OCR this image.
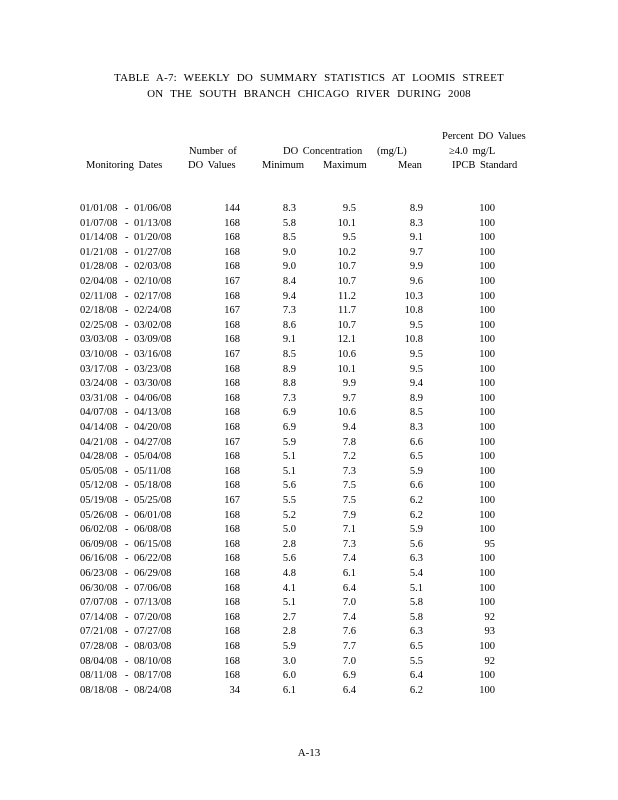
TABLE A-7: WEEKLY DO SUMMARY STATISTICS AT LOOMIS STREET
ON THE SOUTH BRANCH CHICAGO RIVER DURING 2008
Percent DO Values
Number of	DO Concentration (mg/L)	≥4.0 mg/L
Monitoring Dates DO Values	Minimum Maximum	Mean	IPCB Standard
01/01/08 - 01/06/08	144	8.3	9.5	8.9	100
01/07/08 - 01/13/08	168	5.8	10.1	8.3	100
01/14/08 - 01/20/08	168	8.5	9.5	9.1	100
01/21/08 - 01/27/08	168	9.0	10.2	9.7	100
01/28/08 - 02/03/08	168	9.0	10.7	9.9	100
02/04/08 - 02/10/08	167	8.4	10.7	9.6	100
02/11/08 - 02/17/08	168	9.4	11.2	10.3	100
02/18/08 - 02/24/08	167	7.3	11.7	10.8	100
02/25/08 - 03/02/08	168	8.6	10.7	9.5	100
03/03/08 - 03/09/08	168	9.1	12.1	10.8	100
03/10/08 - 03/16/08	167	8.5	10.6	9.5	100
03/17/08 - 03/23/08	168	8.9	10.1	9.5	100
03/24/08 - 03/30/08	168	8.8	9.9	9.4	100
03/31/08 - 04/06/08	168	7.3	9.7	8.9	100
04/07/08 - 04/13/08	168	6.9	10.6	8.5	100
04/14/08 - 04/20/08	168	6.9	9.4	8.3	100
04/21/08 - 04/27/08	167	5.9	7.8	6.6	100
04/28/08 - 05/04/08	168	5.1	7.2	6.5	100
05/05/08 - 05/11/08	168	5.1	7.3	5.9	100
05/12/08 - 05/18/08	168	5.6	7.5	6.6	100
05/19/08 - 05/25/08	167	5.5	7.5	6.2	100
05/26/08 - 06/01/08	168	5.2	7.9	6.2	100
06/02/08 - 06/08/08	168	5.0	7.1	5.9	100
06/09/08 - 06/15/08	168	2.8	7.3	5.6	95
06/16/08 - 06/22/08	168	5.6	7.4	6.3	100
06/23/08 - 06/29/08	168	4.8	6.1	5.4	100
06/30/08 - 07/06/08	168	4.1	6.4	5.1	100
07/07/08 - 07/13/08	168	5.1	7.0	5.8	100
07/14/08 - 07/20/08	168	2.7	7.4	5.8	92
07/21/08 - 07/27/08	168	2.8	7.6	6.3	93
07/28/08 - 08/03/08	168	5.9	7.7	6.5	100
08/04/08 - 08/10/08	168	3.0	7.0	5.5	92
08/11/08 - 08/17/08	168	6.0	6.9	6.4	100
08/18/08 - 08/24/08	34	6.1	6.4	6.2	100
A-13
